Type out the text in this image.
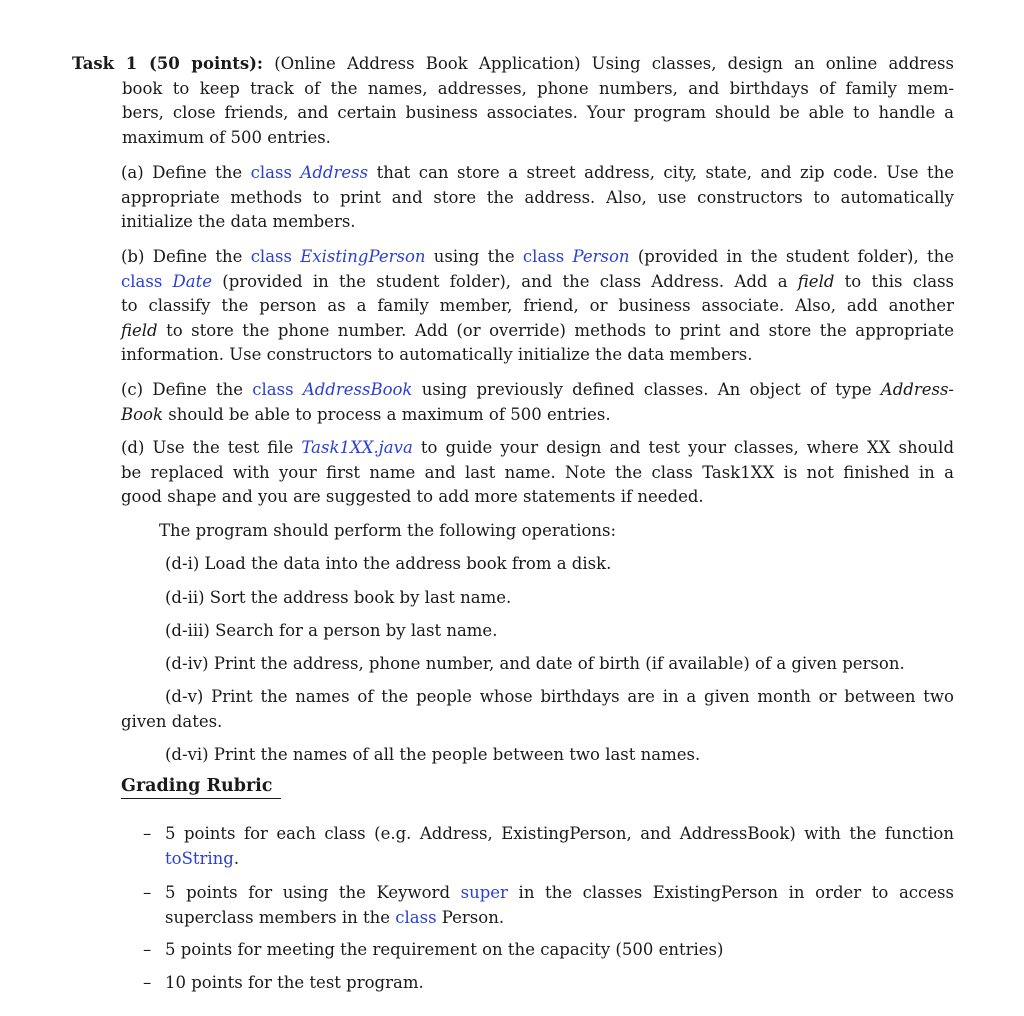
Task 1 (50 points): (Online Address Book Application) Using classes, design an online address
book to keep track of the names, addresses, phone numbers, and birthdays of family mem-
bers, close friends, and certain business associates. Your program should be able to handle a
maximum of 500 entries.
(a) Define the class Address that can store a street address, city, state, and zip code. Use the
appropriate methods to print and store the address. Also, use constructors to automatically
initialize the data members.
(b) Define the class ExistingPerson using the class Person (provided in the student folder), the
class Date (provided in the student folder), and the class Address. Add a field to this class
to classify the person as a family member, friend, or business associate. Also, add another
field to store the phone number. Add (or override) methods to print and store the appropriate
information. Use constructors to automatically initialize the data members.
(c) Define the class AddressBook using previously defined classes. An object of type Address-
Book should be able to process a maximum of 500 entries.
(d) Use the test file Task1XX.java to guide your design and test your classes, where XX should
be replaced with your first name and last name. Note the class Task1XX is not finished in a
good shape and you are suggested to add more statements if needed.
The program should perform the following operations:
(d-i) Load the data into the address book from a disk.
(d-ii) Sort the address book by last name.
(d-iii) Search for a person by last name.
(d-iv) Print the address, phone number, and date of birth (if available) of a given person.
(d-v) Print the names of the people whose birthdays are in a given month or between two
given dates.
(d-vi) Print the names of all the people between two last names.
Grading Rubric
– 5 points for each class (e.g. Address, ExistingPerson, and AddressBook) with the function
toString.
– 5 points for using the Keyword super in the classes ExistingPerson in order to access
superclass members in the class Person.
– 5 points for meeting the requirement on the capacity (500 entries)
– 10 points for the test program.
